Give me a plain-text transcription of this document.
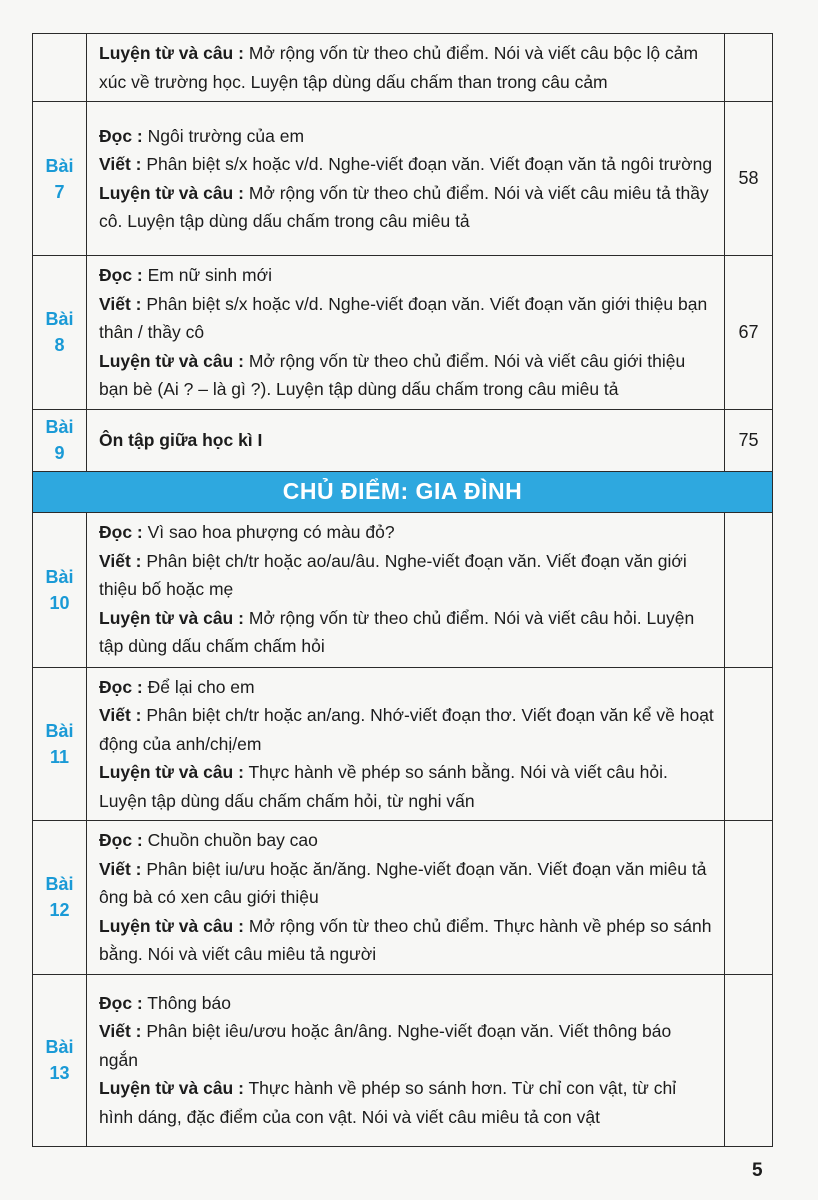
	Luyện từ và câu : Mở rộng vốn từ theo chủ điểm. Nói và viết câu bộc lộ cảm xúc về trường học. Luyện tập dùng dấu chấm than trong câu cảm	

Bài
7	Đọc : Ngôi trường của em
Viết : Phân biệt s/x hoặc v/d. Nghe-viết đoạn văn. Viết đoạn văn tả ngôi trường
Luyện từ và câu : Mở rộng vốn từ theo chủ điểm. Nói và viết câu miêu tả thầy cô. Luyện tập dùng dấu chấm trong câu miêu tả	58

Bài
8	Đọc : Em nữ sinh mới
Viết : Phân biệt s/x hoặc v/d. Nghe-viết đoạn văn. Viết đoạn văn giới thiệu bạn thân / thầy cô
Luyện từ và câu : Mở rộng vốn từ theo chủ điểm. Nói và viết câu giới thiệu bạn bè (Ai ? – là gì ?). Luyện tập dùng dấu chấm trong câu miêu tả	67

Bài
9	Ôn tập giữa học kì I	75
CHỦ ĐIỂM: GIA ĐÌNH		

Bài
10	Đọc : Vì sao hoa phượng có màu đỏ?
Viết : Phân biệt ch/tr hoặc ao/au/âu. Nghe-viết đoạn văn. Viết đoạn văn giới thiệu bố hoặc mẹ
Luyện từ và câu : Mở rộng vốn từ theo chủ điểm. Nói và viết câu hỏi. Luyện tập dùng dấu chấm chấm hỏi	

Bài
11	Đọc : Để lại cho em
Viết : Phân biệt ch/tr hoặc an/ang. Nhớ-viết đoạn thơ. Viết đoạn văn kể về hoạt động của anh/chị/em
Luyện từ và câu : Thực hành về phép so sánh bằng. Nói và viết câu hỏi. Luyện tập dùng dấu chấm chấm hỏi, từ nghi vấn	

Bài
12	Đọc : Chuồn chuồn bay cao
Viết : Phân biệt iu/ưu hoặc ăn/ăng. Nghe-viết đoạn văn. Viết đoạn văn miêu tả ông bà có xen câu giới thiệu
Luyện từ và câu : Mở rộng vốn từ theo chủ điểm. Thực hành về phép so sánh bằng. Nói và viết câu miêu tả người	

Bài
13	Đọc : Thông báo
Viết : Phân biệt iêu/ươu hoặc ân/âng. Nghe-viết đoạn văn. Viết thông báo ngắn
Luyện từ và câu : Thực hành về phép so sánh hơn. Từ chỉ con vật, từ chỉ hình dáng, đặc điểm của con vật. Nói và viết câu miêu tả con vật	

5
